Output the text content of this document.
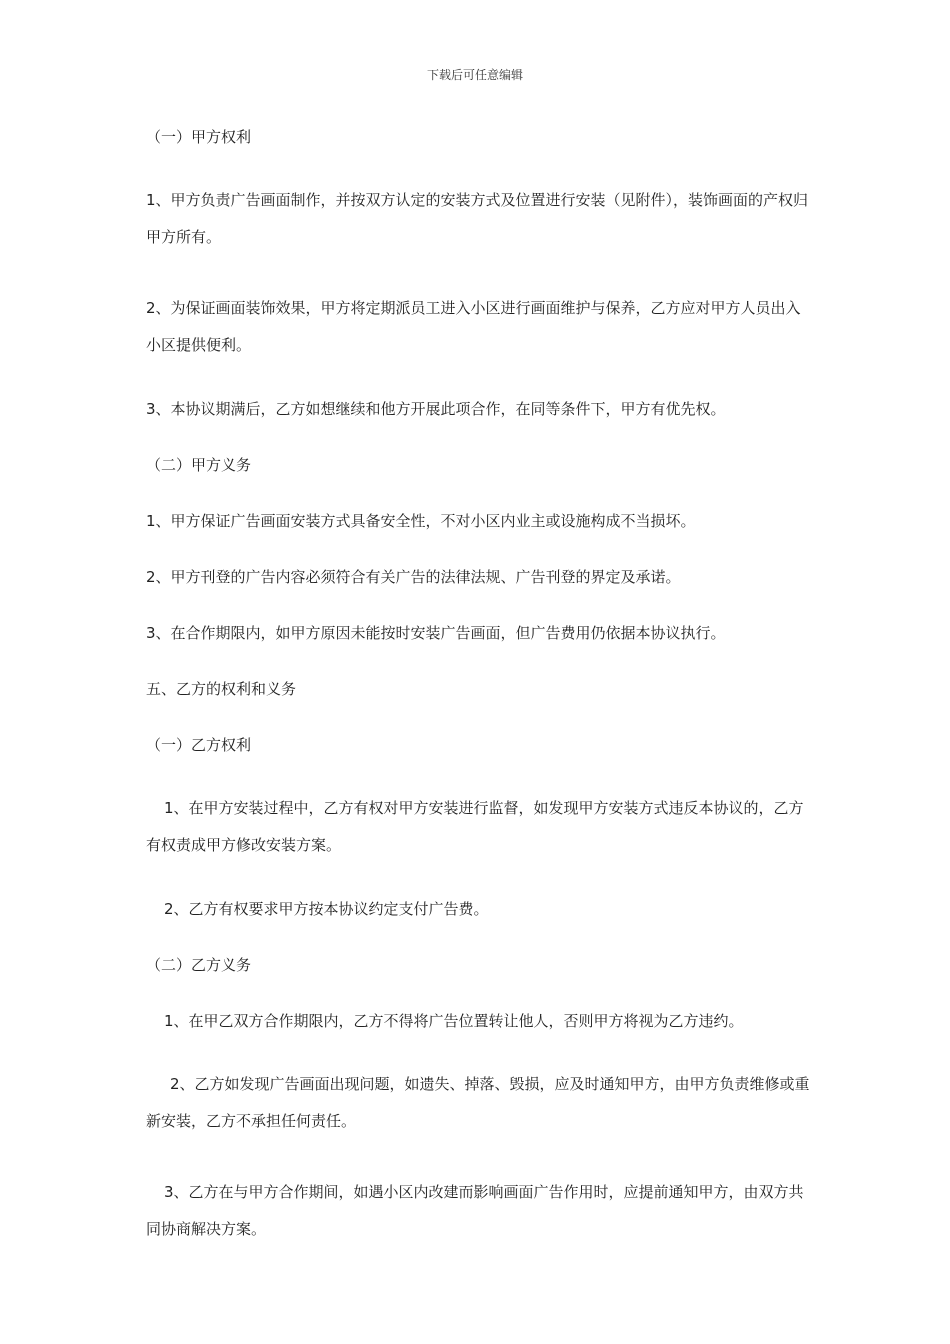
下载后可任意编辑

（一）甲方权利

1、甲方负责广告画面制作，并按双方认定的安装方式及位置进行安装（见附件），装饰画面的产权归甲方所有。

2、为保证画面装饰效果，甲方将定期派员工进入小区进行画面维护与保养，乙方应对甲方人员出入小区提供便利。

3、本协议期满后，乙方如想继续和他方开展此项合作，在同等条件下，甲方有优先权。

（二）甲方义务

1、甲方保证广告画面安装方式具备安全性，不对小区内业主或设施构成不当损坏。

2、甲方刊登的广告内容必须符合有关广告的法律法规、广告刊登的界定及承诺。

3、在合作期限内，如甲方原因未能按时安装广告画面，但广告费用仍依据本协议执行。

五、乙方的权利和义务

（一）乙方权利

1、在甲方安装过程中，乙方有权对甲方安装进行监督，如发现甲方安装方式违反本协议的，乙方有权责成甲方修改安装方案。

2、乙方有权要求甲方按本协议约定支付广告费。

（二）乙方义务

1、在甲乙双方合作期限内，乙方不得将广告位置转让他人，否则甲方将视为乙方违约。

2、乙方如发现广告画面出现问题，如遗失、掉落、毁损，应及时通知甲方，由甲方负责维修或重新安装，乙方不承担任何责任。

3、乙方在与甲方合作期间，如遇小区内改建而影响画面广告作用时，应提前通知甲方，由双方共同协商解决方案。
